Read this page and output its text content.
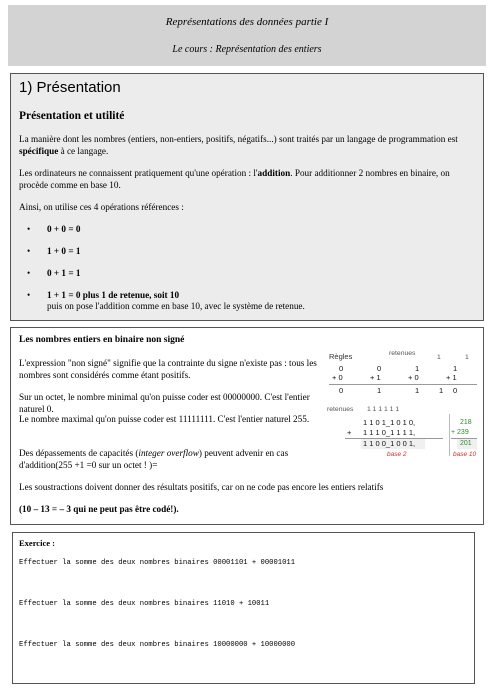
Représentations des données partie I
Le cours : Représentation des entiers
1) Présentation
Présentation et utilité

La manière dont les nombres (entiers, non-entiers, positifs, négatifs...) sont traités par un langage de programmation est spécifique à ce langage.

Les ordinateurs ne connaissent pratiquement qu'une opération : l'addition. Pour additionner 2 nombres en binaire, on procède comme en base 10.

Ainsi, on utilise ces 4 opérations références :

• 0 + 0 = 0
• 1 + 0 = 1
• 0 + 1 = 1
• 1 + 1 = 0 plus 1 de retenue, soit 10
puis on pose l'addition comme en base 10, avec le système de retenue.
Les nombres entiers en binaire non signé

L'expression "non signé" signifie que la contrainte du signe n'existe pas : tous les nombres sont considérés comme étant positifs.

Sur un octet, le nombre minimal qu'on puisse coder est 00000000. C'est l'entier naturel 0.

Le nombre maximal qu'on puisse coder est 11111111. C'est l'entier naturel 255.

Des dépassements de capacités (integer overflow) peuvent advenir en cas d'addition(255 +1 =0 sur un octet ! )=

Les soustractions doivent donner des résultats positifs, car on ne code pas encore les entiers relatifs

(10 – 13 = – 3 qui ne peut pas être codé!).

Règles	retenues
1	1
0	0	1	1
+ 0	+ 1	+ 0	+ 1
0	1	1	1 0
retenues 1 1 1 1 1 1
1 1 0 1_1 0 1 0,
+ 1 1 1 0_1 1 1 1,
1 1 0 0_1 0 0 1,
218
+ 239
201
base 2	base 10
Exercice :
Effectuer la somme des deux nombres binaires 00001101 + 00001011
Effectuer la somme des deux nombres binaires 11010 + 10011
Effectuer la somme des deux nombres binaires 10000000 + 10000000
